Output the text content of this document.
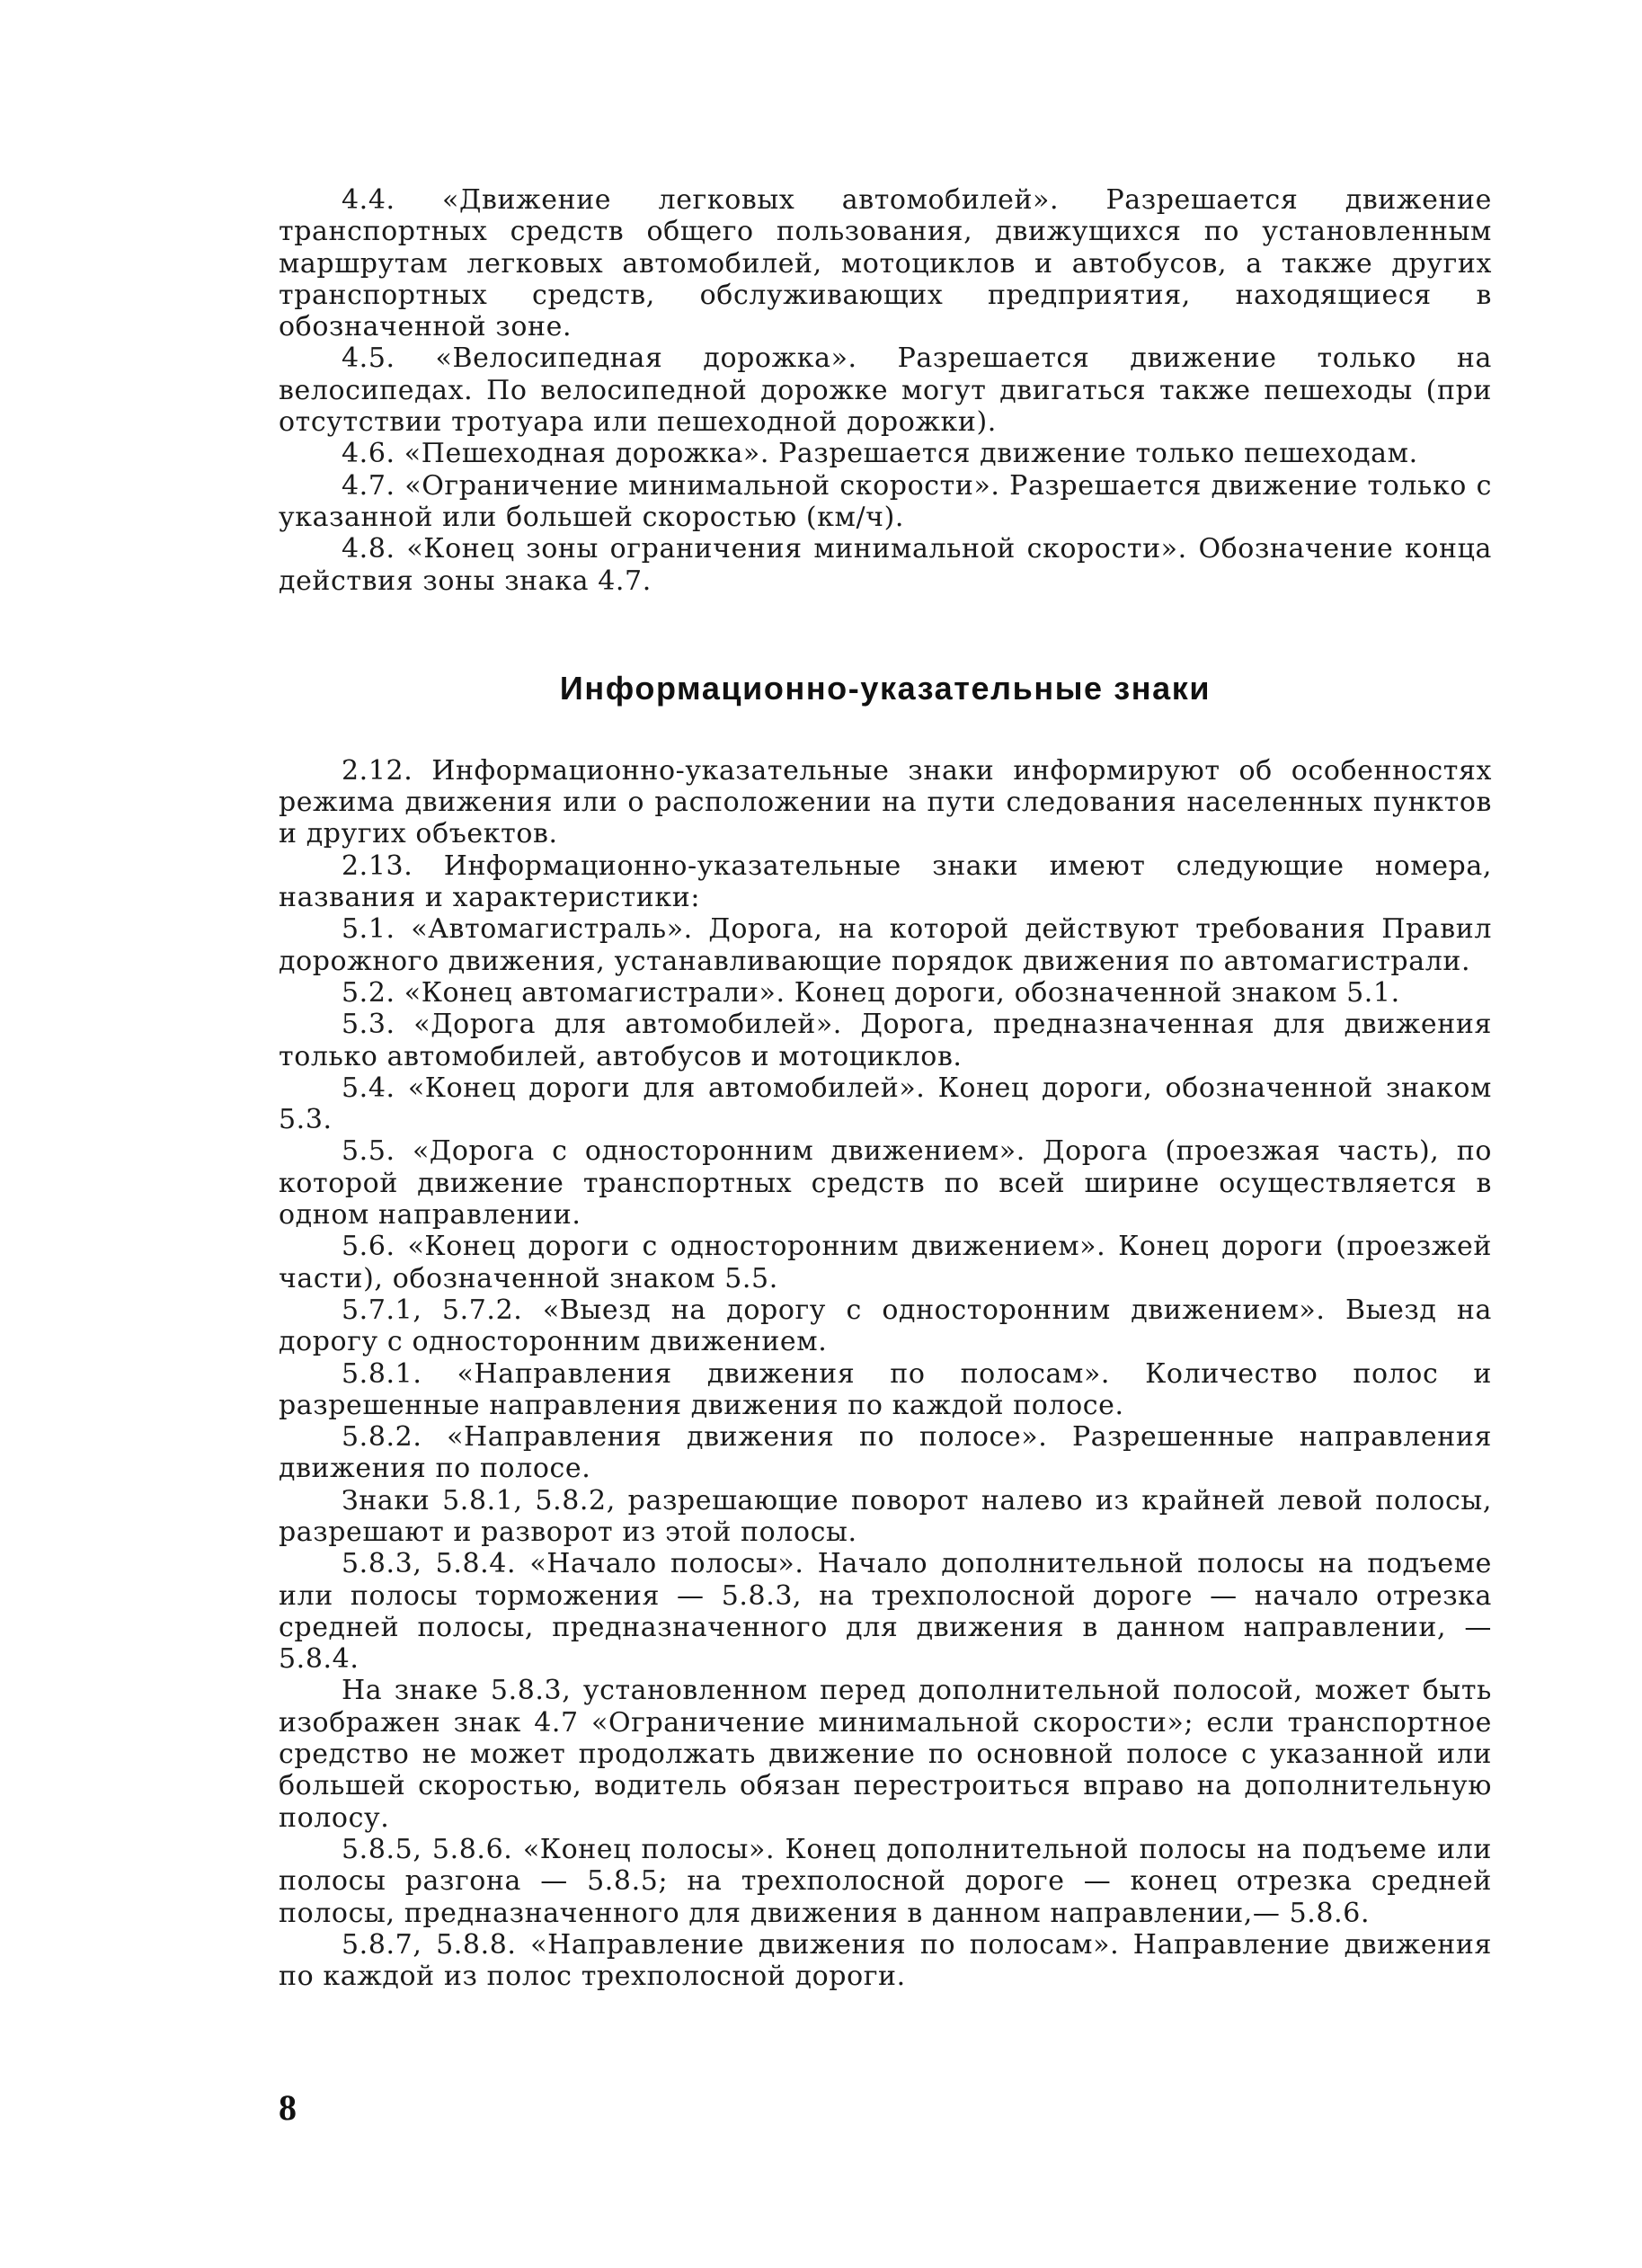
4.4. «Движение легковых автомобилей». Разрешается движение транспортных средств общего пользования, движущихся по установленным маршрутам легковых автомобилей, мотоциклов и автобусов, а также других транспортных средств, обслуживающих предприятия, находящиеся в обозначенной зоне.

4.5. «Велосипедная дорожка». Разрешается движение только на велосипедах. По велосипедной дорожке могут двигаться также пешеходы (при отсутствии тротуара или пешеходной дорожки).

4.6. «Пешеходная дорожка». Разрешается движение только пешеходам.

4.7. «Ограничение минимальной скорости». Разрешается движение только с указанной или большей скоростью (км/ч).

4.8. «Конец зоны ограничения минимальной скорости». Обозначение конца действия зоны знака 4.7.

Информационно-указательные знаки

2.12. Информационно-указательные знаки информируют об особенностях режима движения или о расположении на пути следования населенных пунктов и других объектов.

2.13. Информационно-указательные знаки имеют следующие номера, названия и характеристики:

5.1. «Автомагистраль». Дорога, на которой действуют требования Правил дорожного движения, устанавливающие порядок движения по автомагистрали.

5.2. «Конец автомагистрали». Конец дороги, обозначенной знаком 5.1.

5.3. «Дорога для автомобилей». Дорога, предназначенная для движения только автомобилей, автобусов и мотоциклов.

5.4. «Конец дороги для автомобилей». Конец дороги, обозначенной знаком 5.3.

5.5. «Дорога с односторонним движением». Дорога (проезжая часть), по которой движение транспортных средств по всей ширине осуществляется в одном направлении.

5.6. «Конец дороги с односторонним движением». Конец дороги (проезжей части), обозначенной знаком 5.5.

5.7.1, 5.7.2. «Выезд на дорогу с односторонним движением». Выезд на дорогу с односторонним движением.

5.8.1. «Направления движения по полосам». Количество полос и разрешенные направления движения по каждой полосе.

5.8.2. «Направления движения по полосе». Разрешенные направления движения по полосе.

Знаки 5.8.1, 5.8.2, разрешающие поворот налево из крайней левой полосы, разрешают и разворот из этой полосы.

5.8.3, 5.8.4. «Начало полосы». Начало дополнительной полосы на подъеме или полосы торможения — 5.8.3, на трехполосной дороге — начало отрезка средней полосы, предназначенного для движения в данном направлении, — 5.8.4.

На знаке 5.8.3, установленном перед дополнительной полосой, может быть изображен знак 4.7 «Ограничение минимальной скорости»; если транспортное средство не может продолжать движение по основной полосе с указанной или большей скоростью, водитель обязан перестроиться вправо на дополнительную полосу.

5.8.5, 5.8.6. «Конец полосы». Конец дополнительной полосы на подъеме или полосы разгона — 5.8.5; на трехполосной дороге — конец отрезка средней полосы, предназначенного для движения в данном направлении,— 5.8.6.

5.8.7, 5.8.8. «Направление движения по полосам». Направление движения по каждой из полос трехполосной дороги.

8
